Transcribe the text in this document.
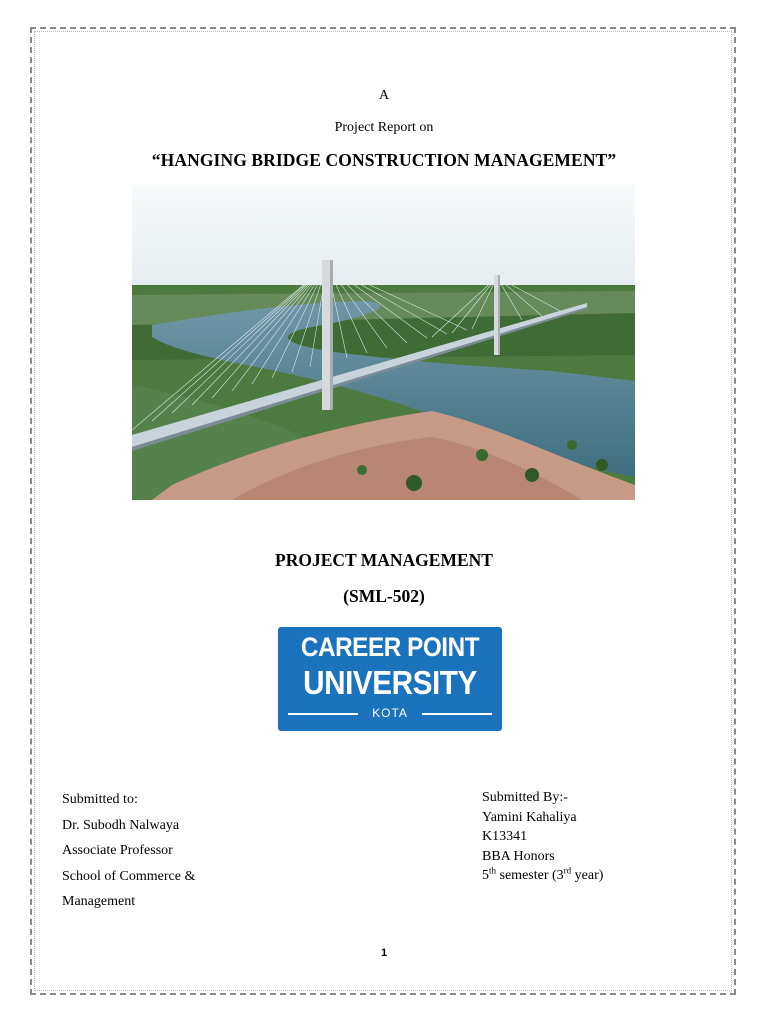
A
Project Report on
“HANGING BRIDGE CONSTRUCTION MANAGEMENT”
PROJECT MANAGEMENT
(SML-502)
CAREER POINT
UNIVERSITY
KOTA
Submitted to:
Dr. Subodh Nalwaya
Associate Professor
School of Commerce &
Management
Submitted By:-
Yamini Kahaliya
K13341
BBA Honors
5th semester (3rd year)
1
